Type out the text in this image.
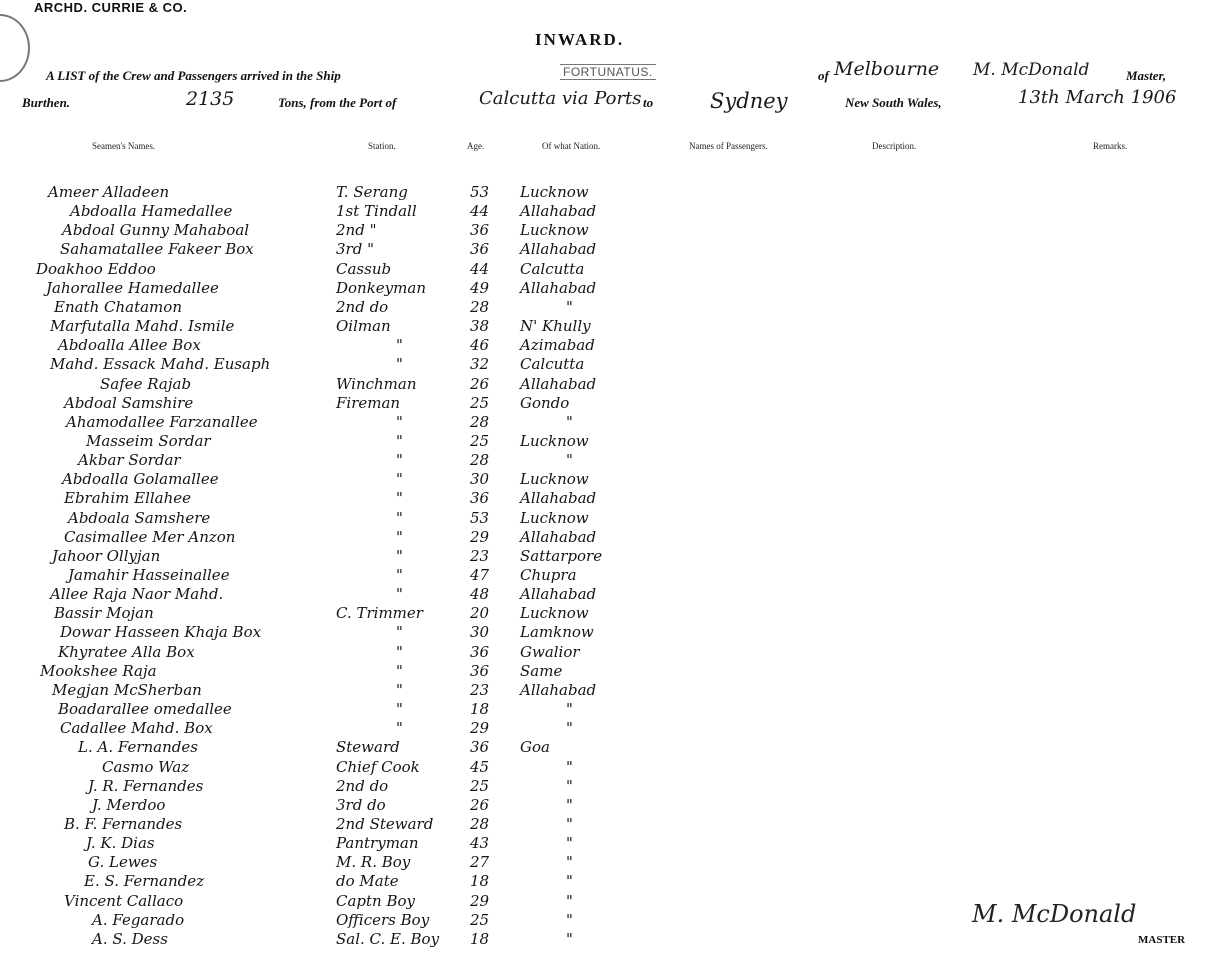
ARCHD. CURRIE & CO.
INWARD.
A LIST of the Crew and Passengers arrived in the Ship	FORTUNATUS.	of Melbourne M. McDonald	Master,
Burthen.	2135	Tons, from the Port of	Calcutta via Ports to	Sydney	New South Wales,	13th March 1906
Seamen's Names.	Station.	Age.	Of what Nation.	Names of Passengers.	Description.	Remarks.
Ameer Alladeen	T. Serang	53 Lucknow
Abdoalla Hamedallee	1st Tindall	44 Allahabad
Abdoal Gunny Mahaboal	2nd "	36 Lucknow
Sahamatallee Fakeer Box	3rd "	36 Allahabad
Doakhoo Eddoo	Cassub	44 Calcutta
Jahorallee Hamedallee	Donkeyman	49 Allahabad
Enath Chatamon	2nd do	28	"
Marfutalla Mahd. Ismile	Oilman	38 N' Khully
Abdoalla Allee Box	"	46 Azimabad
Mahd. Essack Mahd. Eusaph	"	32 Calcutta
Safee Rajab	Winchman	26 Allahabad
Abdoal Samshire	Fireman	25 Gondo
Ahamodallee Farzanallee	"	28	"
Masseim Sordar	"	25 Lucknow
Akbar Sordar	"	28	"
Abdoalla Golamallee	"	30 Lucknow
Ebrahim Ellahee	"	36 Allahabad
Abdoala Samshere	"	53 Lucknow
Casimallee Mer Anzon	"	29 Allahabad
Jahoor Ollyjan	"	23 Sattarpore
Jamahir Hasseinallee	"	47 Chupra
Allee Raja Naor Mahd.	"	48 Allahabad
Bassir Mojan	C. Trimmer	20 Lucknow
Dowar Hasseen Khaja Box	"	30 Lamknow
Khyratee Alla Box	"	36 Gwalior
Mookshee Raja	"	36 Same
Megjan McSherban	"	23 Allahabad
Boadarallee omedallee	"	18	"
Cadallee Mahd. Box	"	29	"
L. A. Fernandes	Steward	36 Goa
Casmo Waz	Chief Cook	45	"
J. R. Fernandes	2nd do	25	"
J. Merdoo	3rd do	26	"
B. F. Fernandes	2nd Steward 28	"
J. K. Dias	Pantryman	43	"
G. Lewes	M. R. Boy	27	"
E. S. Fernandez	do Mate	18	"
Vincent Callaco	Captn Boy	29	"
A. Fegarado	Officers Boy	25	"
A. S. Dess	Sal. C. E. Boy 18	"
M. McDonald
MASTER
